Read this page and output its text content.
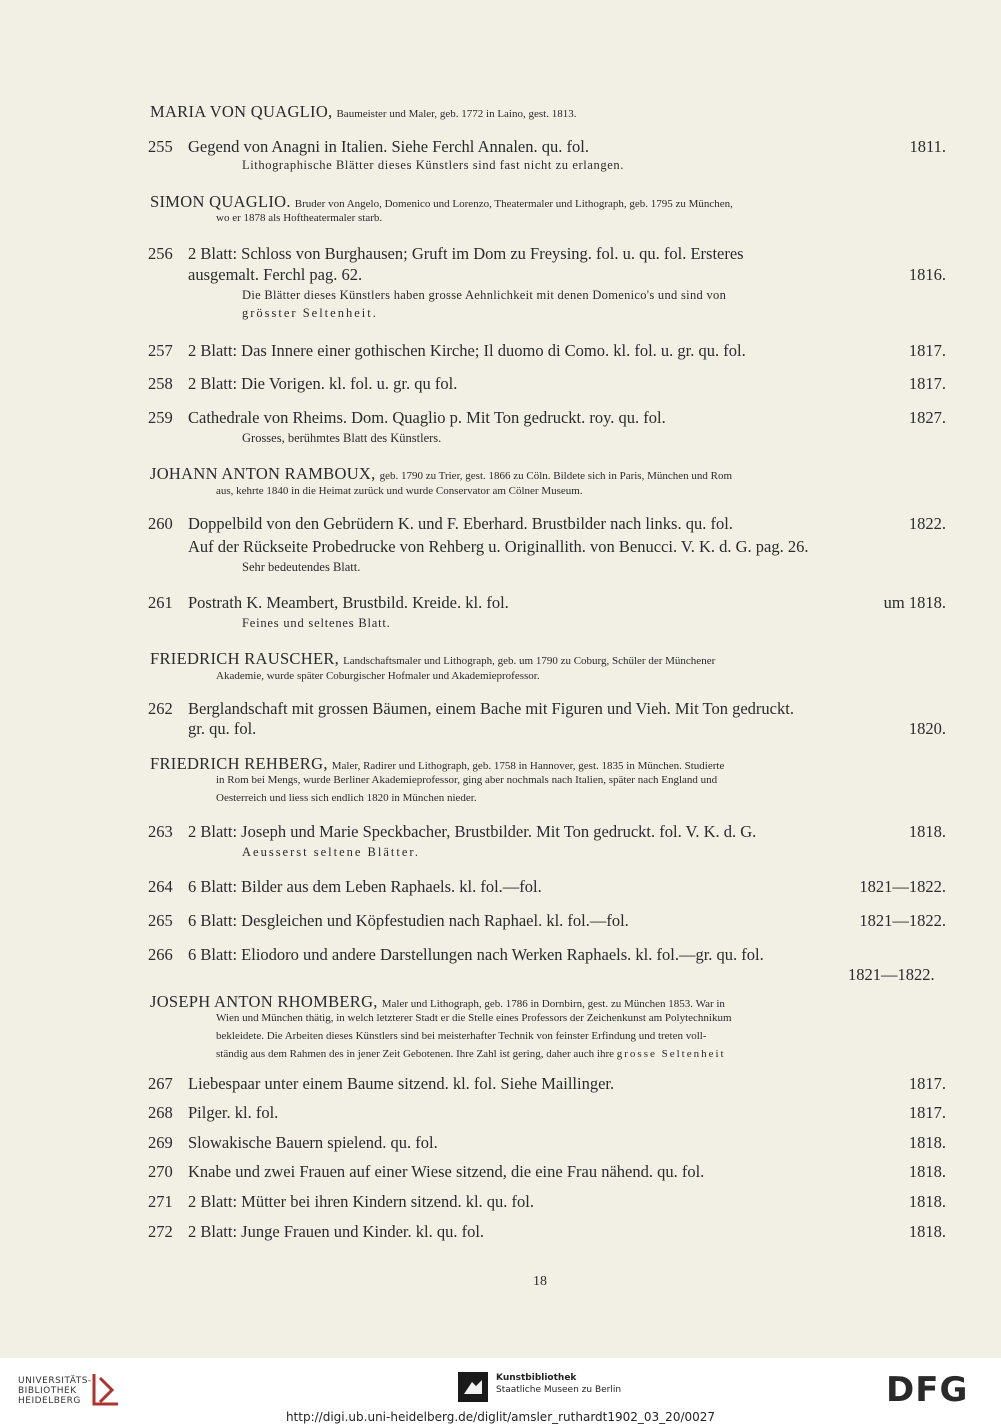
MARIA VON QUAGLIO, Baumeister und Maler, geb. 1772 in Laino, gest. 1813.
255 Gegend von Anagni in Italien. Siehe Ferchl Annalen. qu. fol.	1811.
Lithographische Blätter dieses Künstlers sind fast nicht zu erlangen.
SIMON QUAGLIO. Bruder von Angelo, Domenico und Lorenzo, Theatermaler und Lithograph, geb. 1795 zu München,
wo er 1878 als Hoftheatermaler starb.
256 2 Blatt: Schloss von Burghausen; Gruft im Dom zu Freysing. fol. u. qu. fol. Ersteres
ausgemalt. Ferchl pag. 62.	1816.
Die Blätter dieses Künstlers haben grosse Aehnlichkeit mit denen Domenico's und sind von
grösster Seltenheit.
257 2 Blatt: Das Innere einer gothischen Kirche; Il duomo di Como. kl. fol. u. gr. qu. fol.	1817.
258 2 Blatt: Die Vorigen. kl. fol. u. gr. qu fol.	1817.
259 Cathedrale von Rheims. Dom. Quaglio p. Mit Ton gedruckt. roy. qu. fol.	1827.
Grosses, berühmtes Blatt des Künstlers.
JOHANN ANTON RAMBOUX, geb. 1790 zu Trier, gest. 1866 zu Cöln. Bildete sich in Paris, München und Rom
aus, kehrte 1840 in die Heimat zurück und wurde Conservator am Cölner Museum.
260 Doppelbild von den Gebrüdern K. und F. Eberhard. Brustbilder nach links. qu. fol.	1822.
Auf der Rückseite Probedrucke von Rehberg u. Originallith. von Benucci. V. K. d. G. pag. 26.
Sehr bedeutendes Blatt.
261 Postrath K. Meambert, Brustbild. Kreide. kl. fol.	um 1818.
Feines und seltenes Blatt.
FRIEDRICH RAUSCHER, Landschaftsmaler und Lithograph, geb. um 1790 zu Coburg, Schüler der Münchener
Akademie, wurde später Coburgischer Hofmaler und Akademieprofessor.
262 Berglandschaft mit grossen Bäumen, einem Bache mit Figuren und Vieh. Mit Ton gedruckt.
gr. qu. fol.	1820.
FRIEDRICH REHBERG, Maler, Radirer und Lithograph, geb. 1758 in Hannover, gest. 1835 in München. Studierte
in Rom bei Mengs, wurde Berliner Akademieprofessor, ging aber nochmals nach Italien, später nach England und
Oesterreich und liess sich endlich 1820 in München nieder.
263 2 Blatt: Joseph und Marie Speckbacher, Brustbilder. Mit Ton gedruckt. fol. V. K. d. G.	1818.
Aeusserst seltene Blätter.
264 6 Blatt: Bilder aus dem Leben Raphaels. kl. fol.—fol.	1821—1822.
265 6 Blatt: Desgleichen und Köpfestudien nach Raphael. kl. fol.—fol.	1821—1822.
266 6 Blatt: Eliodoro und andere Darstellungen nach Werken Raphaels. kl. fol.—gr. qu. fol.
1821—1822.
JOSEPH ANTON RHOMBERG, Maler und Lithograph, geb. 1786 in Dornbirn, gest. zu München 1853. War in
Wien und München thätig, in welch letzterer Stadt er die Stelle eines Professors der Zeichenkunst am Polytechnikum
bekleidete. Die Arbeiten dieses Künstlers sind bei meisterhafter Technik von feinster Erfindung und treten voll-
ständig aus dem Rahmen des in jener Zeit Gebotenen. Ihre Zahl ist gering, daher auch ihre grosse Seltenheit
267 Liebespaar unter einem Baume sitzend. kl. fol. Siehe Maillinger.	1817.
268 Pilger. kl. fol.	1817.
269 Slowakische Bauern spielend. qu. fol.	1818.
270 Knabe und zwei Frauen auf einer Wiese sitzend, die eine Frau nähend. qu. fol.	1818.
271 2 Blatt: Mütter bei ihren Kindern sitzend. kl. qu. fol.	1818.
272 2 Blatt: Junge Frauen und Kinder. kl. qu. fol.	1818.
18
UNIVERSITÄTS-
BIBLIOTHEK
HEIDELBERG
Kunstbibliothek
Staatliche Museen zu Berlin	DFG
http://digi.ub.uni-heidelberg.de/diglit/amsler_ruthardt1902_03_20/0027
